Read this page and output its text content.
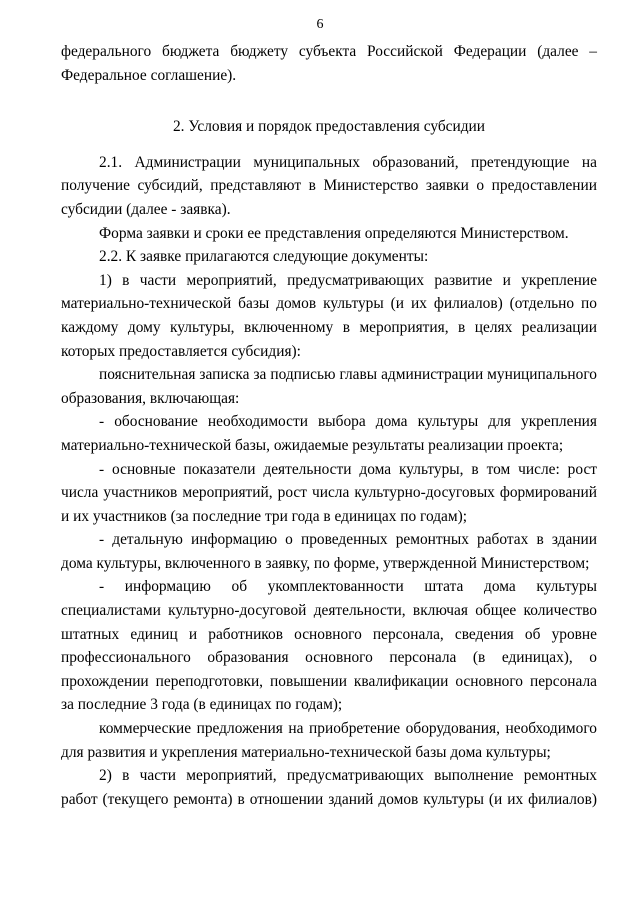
6

федерального бюджета бюджету субъекта Российской Федерации (далее – Федеральное соглашение).

2. Условия и порядок предоставления субсидии

2.1. Администрации муниципальных образований, претендующие на получение субсидий, представляют в Министерство заявки о предоставлении субсидии (далее - заявка).

Форма заявки и сроки ее представления определяются Министерством.

2.2. К заявке прилагаются следующие документы:

1) в части мероприятий, предусматривающих развитие и укрепление материально-технической базы домов культуры (и их филиалов) (отдельно по каждому дому культуры, включенному в мероприятия, в целях реализации которых предоставляется субсидия):

пояснительная записка за подписью главы администрации муниципального образования, включающая:

- обоснование необходимости выбора дома культуры для укрепления материально-технической базы, ожидаемые результаты реализации проекта;

- основные показатели деятельности дома культуры, в том числе: рост числа участников мероприятий, рост числа культурно-досуговых формирований и их участников (за последние три года в единицах по годам);

- детальную информацию о проведенных ремонтных работах в здании дома культуры, включенного в заявку, по форме, утвержденной Министерством;

- информацию об укомплектованности штата дома культуры специалистами культурно-досуговой деятельности, включая общее количество штатных единиц и работников основного персонала, сведения об уровне профессионального образования основного персонала (в единицах), о прохождении переподготовки, повышении квалификации основного персонала за последние 3 года (в единицах по годам);

коммерческие предложения на приобретение оборудования, необходимого для развития и укрепления материально-технической базы дома культуры;

2) в части мероприятий, предусматривающих выполнение ремонтных работ (текущего ремонта) в отношении зданий домов культуры (и их филиалов)
